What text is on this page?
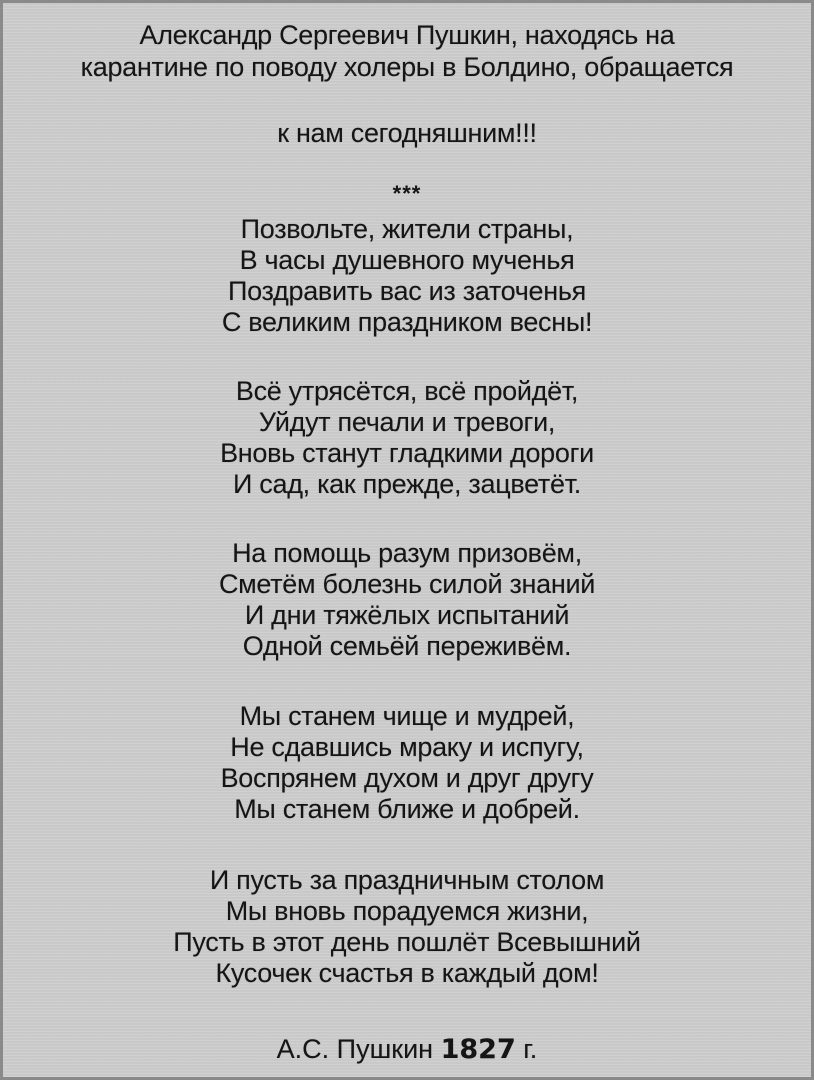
Александр Сергеевич Пушкин, находясь на
карантине по поводу холеры в Болдино, обращается
к нам сегодняшним!!!
***
Позвольте, жители страны,
В часы душевного мученья
Поздравить вас из заточенья
С великим праздником весны!
Всё утрясётся, всё пройдёт,
Уйдут печали и тревоги,
Вновь станут гладкими дороги
И сад, как прежде, зацветёт.
На помощь разум призовём,
Сметём болезнь силой знаний
И дни тяжёлых испытаний
Одной семьёй переживём.
Мы станем чище и мудрей,
Не сдавшись мраку и испугу,
Воспрянем духом и друг другу
Мы станем ближе и добрей.
И пусть за праздничным столом
Мы вновь порадуемся жизни,
Пусть в этот день пошлёт Всевышний
Кусочек счастья в каждый дом!
А.С. Пушкин 1827 г.
